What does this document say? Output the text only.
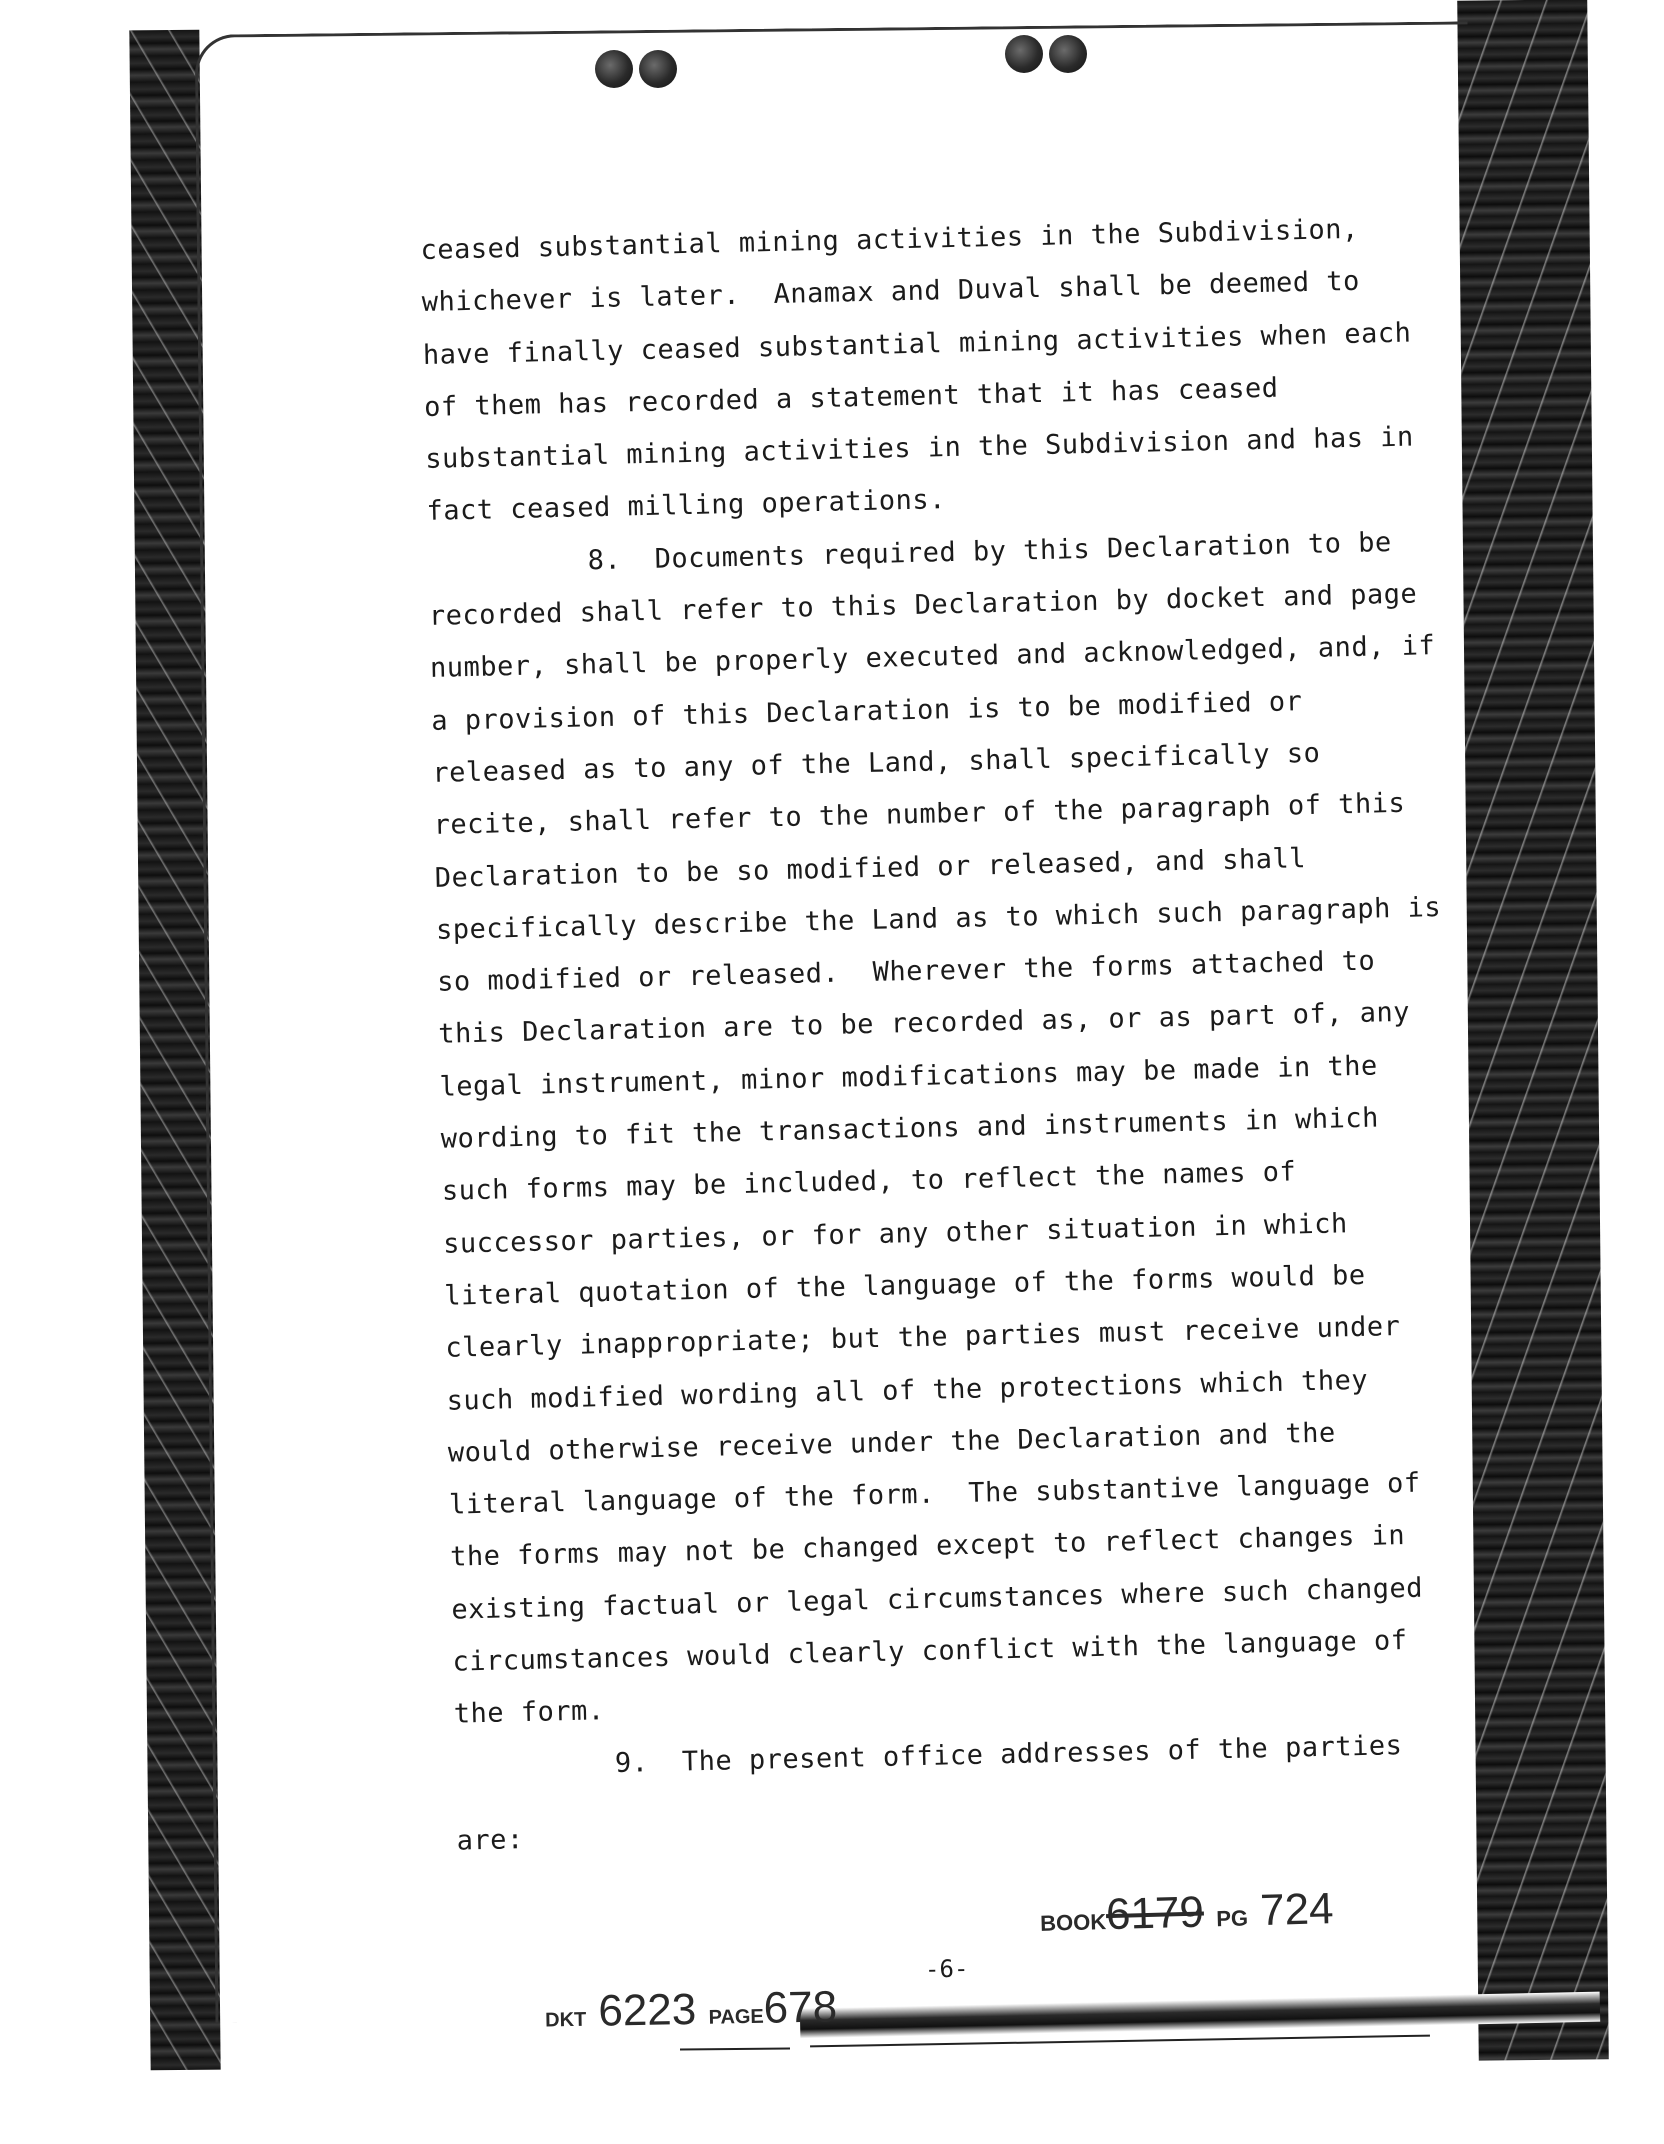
ceased substantial mining activities in the Subdivision,
whichever is later.  Anamax and Duval shall be deemed to
have finally ceased substantial mining activities when each
of them has recorded a statement that it has ceased
substantial mining activities in the Subdivision and has in
fact ceased milling operations.
8.  Documents required by this Declaration to be
recorded shall refer to this Declaration by docket and page
number, shall be properly executed and acknowledged, and, if
a provision of this Declaration is to be modified or
released as to any of the Land, shall specifically so
recite, shall refer to the number of the paragraph of this
Declaration to be so modified or released, and shall
specifically describe the Land as to which such paragraph is
so modified or released.  Wherever the forms attached to
this Declaration are to be recorded as, or as part of, any
legal instrument, minor modifications may be made in the
wording to fit the transactions and instruments in which
such forms may be included, to reflect the names of
successor parties, or for any other situation in which
literal quotation of the language of the forms would be
clearly inappropriate; but the parties must receive under
such modified wording all of the protections which they
would otherwise receive under the Declaration and the
literal language of the form.  The substantive language of
the forms may not be changed except to reflect changes in
existing factual or legal circumstances where such changed
circumstances would clearly conflict with the language of
the form.
9.  The present office addresses of the parties
are:
BOOK6179 PG 724
-6-
DKT 6223 PAGE678
